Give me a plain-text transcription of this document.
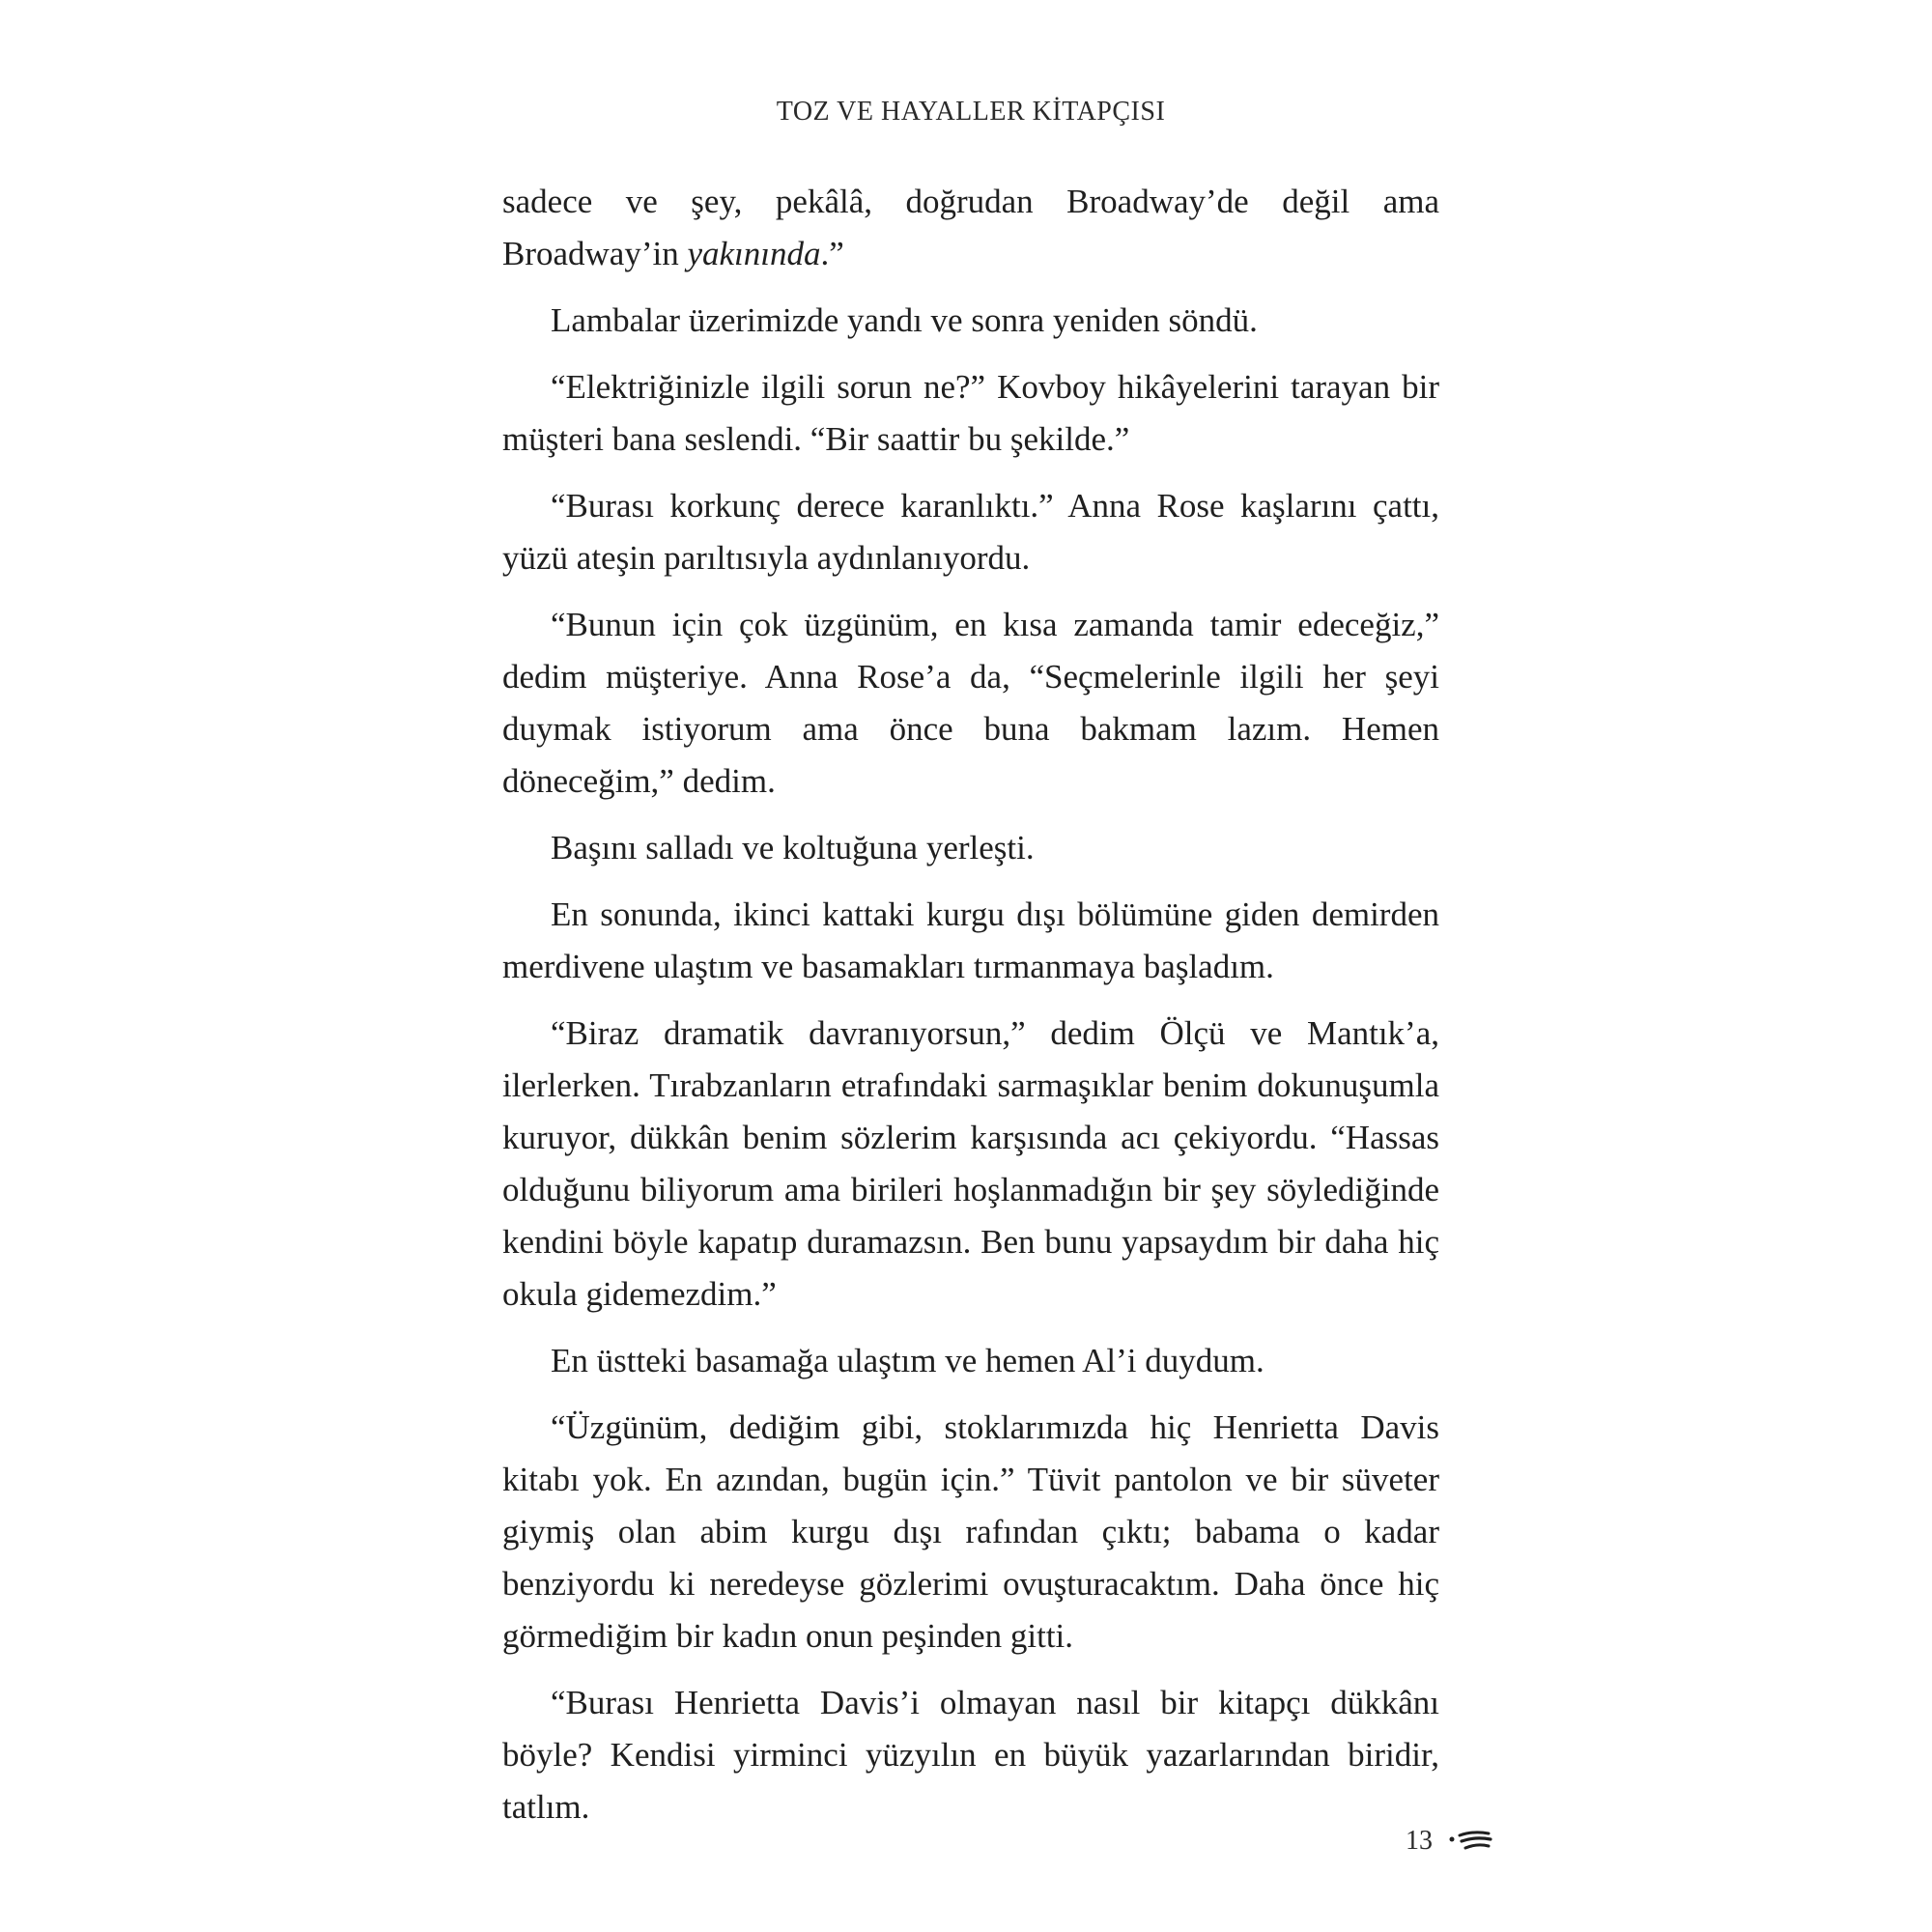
TOZ VE HAYALLER KİTAPÇISI

sadece ve şey, pekâlâ, doğrudan Broadway’de değil ama Broadway’in yakınında.”

Lambalar üzerimizde yandı ve sonra yeniden söndü.

“Elektriğinizle ilgili sorun ne?” Kovboy hikâyelerini tarayan bir müşteri bana seslendi. “Bir saattir bu şekilde.”

“Burası korkunç derece karanlıktı.” Anna Rose kaşlarını çattı, yüzü ateşin parıltısıyla aydınlanıyordu.

“Bunun için çok üzgünüm, en kısa zamanda tamir edeceğiz,” dedim müşteriye. Anna Rose’a da, “Seçmelerinle ilgili her şeyi duymak istiyorum ama önce buna bakmam lazım. Hemen döneceğim,” dedim.

Başını salladı ve koltuğuna yerleşti.

En sonunda, ikinci kattaki kurgu dışı bölümüne giden demirden merdivene ulaştım ve basamakları tırmanmaya başladım.

“Biraz dramatik davranıyorsun,” dedim Ölçü ve Mantık’a, ilerlerken. Tırabzanların etrafındaki sarmaşıklar benim dokunuşumla kuruyor, dükkân benim sözlerim karşısında acı çekiyordu. “Hassas olduğunu biliyorum ama birileri hoşlanmadığın bir şey söylediğinde kendini böyle kapatıp duramazsın. Ben bunu yapsaydım bir daha hiç okula gidemezdim.”

En üstteki basamağa ulaştım ve hemen Al’i duydum.

“Üzgünüm, dediğim gibi, stoklarımızda hiç Henrietta Davis kitabı yok. En azından, bugün için.” Tüvit pantolon ve bir süveter giymiş olan abim kurgu dışı rafından çıktı; babama o kadar benziyordu ki neredeyse gözlerimi ovuşturacaktım. Daha önce hiç görmediğim bir kadın onun peşinden gitti.

“Burası Henrietta Davis’i olmayan nasıl bir kitapçı dükkânı böyle? Kendisi yirminci yüzyılın en büyük yazarlarından biridir, tatlım.

13
